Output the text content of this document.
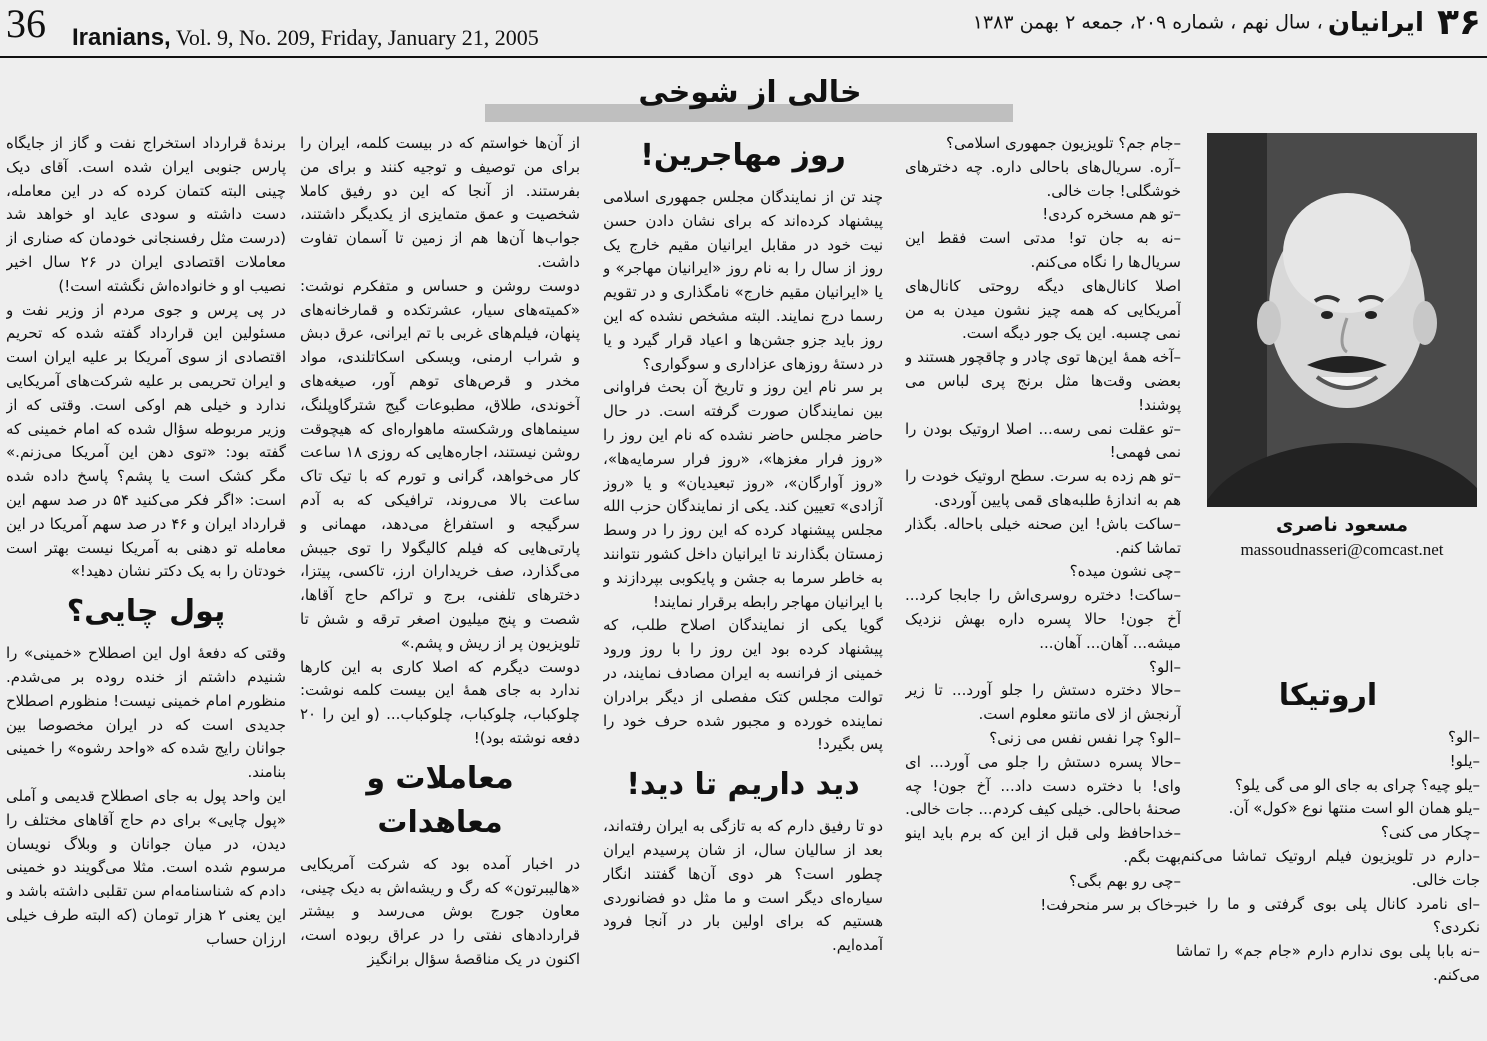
36 Iranians, Vol. 9, No. 209, Friday, January 21, 2005	۳۶ ایرانیان ، سال نهم ، شماره ۲۰۹، جمعه ۲ بهمن ۱۳۸۳
خالی از شوخی
مسعود ناصری
massoudnasseri@comcast.net

اروتیکا

–الو؟

–یلو!

–یلو چیه؟ چرای به جای الو می گی یلو؟

–یلو همان الو است منتها نوع «کول» آن.

–چکار می کنی؟

–دارم در تلویزیون فیلم اروتیک تماشا می‌کنم. جات خالی.

–ای نامرد کانال پلی بوی گرفتی و ما را خبر نکردی؟

–نه بابا پلی بوی ندارم دارم «جام جم» را تماشا می‌کنم.

–جام جم؟ تلویزیون جمهوری اسلامی؟

–آره. سریال‌های باحالی داره. چه دخترهای خوشگلی! جات خالی.

–تو هم مسخره کردی!

–نه به جان تو! مدتی است فقط این سریال‌ها را نگاه می‌کنم.

اصلا کانال‌های دیگه روحتی کانال‌های آمریکایی که همه چیز نشون میدن به من نمی چسبه. این یک جور دیگه است.

–آخه همهٔ این‌ها توی چادر و چاقچور هستند و بعضی وقت‌ها مثل برنج پری لباس می پوشند!

–تو عقلت نمی رسه... اصلا اروتیک بودن را نمی فهمی!

–تو هم زده به سرت. سطح اروتیک خودت را هم به اندازهٔ طلبه‌های قمی پایین آوردی.

–ساکت باش! این صحنه خیلی باحاله. بگذار تماشا کنم.

–چی نشون میده؟

–ساکت! دختره روسری‌اش را جابجا کرد... آخ جون! حالا پسره داره بهش نزدیک میشه... آهان... آهان...

–الو؟

–حالا دختره دستش را جلو آورد... تا زیر آرنجش از لای مانتو معلوم است.

–الو؟ چرا نفس نفس می زنی؟

–حالا پسره دستش را جلو می آورد... ای وای! با دختره دست داد... آخ جون! چه صحنهٔ باحالی. خیلی کیف کردم... جات خالی.

–خداحافظ ولی قبل از این که برم باید اینو بهت بگم.

–چی رو بهم بگی؟

–خاک بر سر منحرفت!

روز مهاجرین!

چند تن از نمایندگان مجلس جمهوری اسلامی پیشنهاد کرده‌اند که برای نشان دادن حسن نیت خود در مقابل ایرانیان مقیم خارج یک روز از سال را به نام روز «ایرانیان مهاجر» و یا «ایرانیان مقیم خارج» نامگذاری و در تقویم رسما درج نمایند. البته مشخص نشده که این روز باید جزو جشن‌ها و اعیاد قرار گیرد و یا در دستهٔ روزهای عزاداری و سوگواری؟

بر سر نام این روز و تاریخ آن بحث فراوانی بین نمایندگان صورت گرفته است. در حال حاضر مجلس حاضر نشده که نام این روز را «روز فرار مغزها»، «روز فرار سرمایه‌ها»، «روز آوارگان»، «روز تبعیدیان» و یا «روز آزادی» تعیین کند. یکی از نمایندگان حزب الله مجلس پیشنهاد کرده که این روز را در وسط زمستان بگذارند تا ایرانیان داخل کشور نتوانند به خاطر سرما به جشن و پایکوبی بپردازند و با ایرانیان مهاجر رابطه برقرار نمایند!

گویا یکی از نمایندگان اصلاح طلب، که پیشنهاد کرده بود این روز را با روز ورود خمینی از فرانسه به ایران مصادف نمایند، در توالت مجلس کتک مفصلی از دیگر برادران نماینده خورده و مجبور شده حرف خود را پس بگیرد!

دید داریم تا دید!

دو تا رفیق دارم که به تازگی به ایران رفته‌اند، بعد از سالیان سال، از شان پرسیدم ایران چطور است؟ هر دوی آن‌ها گفتند انگار سیاره‌ای دیگر است و ما مثل دو فضانوردی هستیم که برای اولین بار در آنجا فرود آمده‌ایم.

از آن‌ها خواستم که در بیست کلمه، ایران را برای من توصیف و توجیه کنند و برای من بفرستند. از آنجا که این دو رفیق کاملا شخصیت و عمق متمایزی از یکدیگر داشتند، جواب‌ها آن‌ها هم از زمین تا آسمان تفاوت داشت.

دوست روشن و حساس و متفکرم نوشت: «کمیته‌های سیار، عشرتکده و قمارخانه‌های پنهان، فیلم‌های غربی با تم ایرانی، عرق دبش و شراب ارمنی، ویسکی اسکاتلندی، مواد مخدر و قرص‌های توهم آور، صیغه‌های آخوندی، طلاق، مطبوعات گیج شترگاوپلنگ، سینماهای ورشکسته ماهواره‌ای که هیچوقت روشن نیستند، اجاره‌هایی که روزی ۱۸ ساعت کار می‌خواهد، گرانی و تورم که با تیک تاک ساعت بالا می‌روند، ترافیکی که به آدم سرگیجه و استفراغ می‌دهد، مهمانی و پارتی‌هایی که فیلم کالیگولا را توی جیبش می‌گذارد، صف خریداران ارز، تاکسی، پیتزا، دخترهای تلفنی، برج و تراکم حاج آقاها، شصت و پنج میلیون اصغر ترقه و شش تا تلویزیون پر از ریش و پشم.»

دوست دیگرم که اصلا کاری به این کارها ندارد به جای همهٔ این بیست کلمه نوشت: چلوکباب، چلوکباب، چلوکباب... (و این را ۲۰ دفعه نوشته بود)!

معاملات و معاهدات

در اخبار آمده بود که شرکت آمریکایی «هالیبرتون» که رگ و ریشه‌اش به دیک چینی، معاون جورج بوش می‌رسد و بیشتر قراردادهای نفتی را در عراق ربوده است، اکنون در یک مناقصهٔ سؤال برانگیز

برندهٔ قرارداد استخراج نفت و گاز از جایگاه پارس جنوبی ایران شده است. آقای دیک چینی البته کتمان کرده که در این معامله، دست داشته و سودی عاید او خواهد شد (درست مثل رفسنجانی خودمان که صناری از معاملات اقتصادی ایران در ۲۶ سال اخیر نصیب او و خانواده‌اش نگشته است!)

در پی پرس و جوی مردم از وزیر نفت و مسئولین این قرارداد گفته شده که تحریم اقتصادی از سوی آمریکا بر علیه ایران است و ایران تحریمی بر علیه شرکت‌های آمریکایی ندارد و خیلی هم اوکی است. وقتی که از وزیر مربوطه سؤال شده که امام خمینی که گفته بود: «توی دهن این آمریکا می‌زنم.» مگر کشک است یا پشم؟ پاسخ داده شده است: «اگر فکر می‌کنید ۵۴ در صد سهم این قرارداد ایران و ۴۶ در صد سهم آمریکا در این معامله تو دهنی به آمریکا نیست بهتر است خودتان را به یک دکتر نشان دهید!»

پول چایی؟

وقتی که دفعهٔ اول این اصطلاح «خمینی» را شنیدم داشتم از خنده روده بر می‌شدم. منظورم امام خمینی نیست! منظورم اصطلاح جدیدی است که در ایران مخصوصا بین جوانان رایج شده که «واحد رشوه» را خمینی بنامند.

این واحد پول به جای اصطلاح قدیمی و آملی «پول چایی» برای دم حاج آقاهای مختلف را دیدن، در میان جوانان و وبلاگ نویسان مرسوم شده است. مثلا می‌گویند دو خمینی دادم که شناسنامه‌ام سن تقلبی داشته باشد و این یعنی ۲ هزار تومان (که البته طرف خیلی ارزان حساب
